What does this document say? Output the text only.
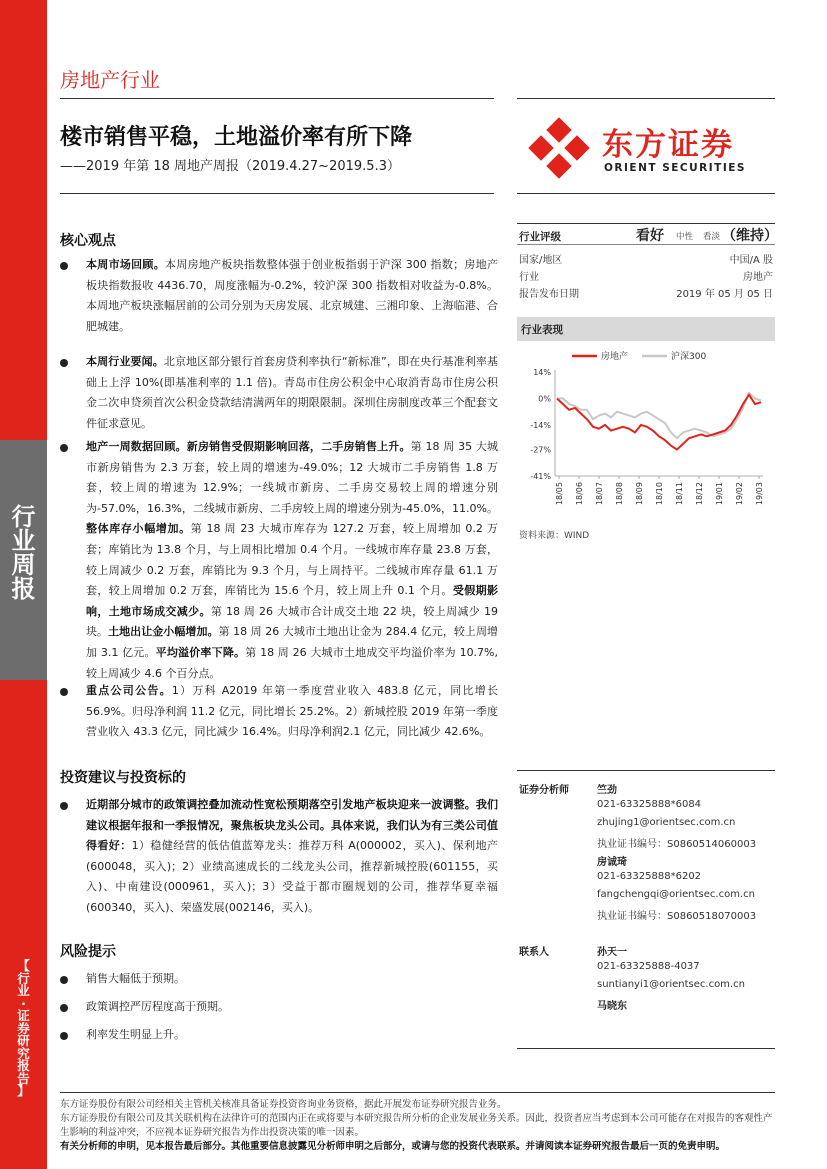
行
业
周
报
【
行
业
·
证
券
研
究
报
告
】
房地产行业
楼市销售平稳，土地溢价率有所下降
——2019 年第 18 周地产周报（2019.4.27~2019.5.3）
东方证券
ORIENT SECURITIES
核心观点
本周市场回顾。本周房地产板块指数整体强于创业板指弱于沪深 300 指数；房地产板块指数报收 4436.70，周度涨幅为-0.2%，较沪深 300 指数相对收益为-0.8%。本周地产板块涨幅居前的公司分别为天房发展、北京城建、三湘印象、上海临港、合肥城建。
本周行业要闻。北京地区部分银行首套房贷利率执行“新标准”，即在央行基准利率基础上上浮 10%(即基准利率的 1.1 倍)。青岛市住房公积金中心取消青岛市住房公积金二次申贷须首次公积金贷款结清满两年的期限限制。深圳住房制度改革三个配套文件征求意见。
地产一周数据回顾。新房销售受假期影响回落，二手房销售上升。第 18 周 35 大城市新房销售为 2.3 万套，较上周的增速为-49.0%；12 大城市二手房销售 1.8 万套，较上周的增速为 12.9%；一线城市新房、二手房交易较上周的增速分别为-57.0%，16.3%，二线城市新房、二手房较上周的增速分别为-45.0%，11.0%。整体库存小幅增加。第 18 周 23 大城市库存为 127.2 万套，较上周增加 0.2 万套；库销比为 13.8 个月，与上周相比增加 0.4 个月。一线城市库存量 23.8 万套，较上周减少 0.2 万套，库销比为 9.3 个月，与上周持平。二线城市库存量 61.1 万套，较上周增加 0.2 万套，库销比为 15.6 个月，较上周上升 0.1 个月。受假期影响，土地市场成交减少。第 18 周 26 大城市合计成交土地 22 块，较上周减少 19 块。土地出让金小幅增加。第 18 周 26 大城市土地出让金为 284.4 亿元，较上周增加 3.1 亿元。平均溢价率下降。第 18 周 26 大城市土地成交平均溢价率为 10.7%,较上周减少 4.6 个百分点。
重点公司公告。1）万科 A2019 年第一季度营业收入 483.8 亿元，同比增长 56.9%。归母净利润 11.2 亿元，同比增长 25.2%。2）新城控股 2019 年第一季度营业收入 43.3 亿元，同比减少 16.4%。归母净利润2.1 亿元，同比减少 42.6%。
投资建议与投资标的
近期部分城市的政策调控叠加流动性宽松预期落空引发地产板块迎来一波调整。我们建议根据年报和一季报情况，聚焦板块龙头公司。具体来说，我们认为有三类公司值得看好：1）稳健经营的低估值蓝筹龙头：推荐万科 A(000002，买入)、保利地产(600048，买入)；2）业绩高速成长的二线龙头公司，推荐新城控股(601155，买入)、中南建设(000961，买入)；3）受益于都市圈规划的公司，推荐华夏幸福(600340，买入)、荣盛发展(002146，买入)。
风险提示
销售大幅低于预期。
政策调控严厉程度高于预期。
利率发生明显上升。
行业评级	看好 中性 看淡 （维持）
国家/地区	中国/A 股
行业	房地产
报告发布日期	2019 年 05 月 05 日
行业表现
房地产	沪深300
14%
0%
-14%
-27%
-41%
18/05 18/06 18/07 18/08 18/09 18/10 18/11 18/12 19/01 19/02 19/03
资料来源：WIND
证券分析师	竺劲
021-63325888*6084
zhujing1@orientsec.com.cn
执业证书编号：S0860514060003
房诚琦
021-63325888*6202
fangchengqi@orientsec.com.cn
执业证书编号：S0860518070003
联系人	孙天一
021-63325888-4037
suntianyi1@orientsec.com.cn
马晓东
东方证券股份有限公司经相关主管机关核准具备证券投资咨询业务资格，据此开展发布证券研究报告业务。
东方证券股份有限公司及其关联机构在法律许可的范围内正在或将要与本研究报告所分析的企业发展业务关系。因此，投资者应当考虑到本公司可能存在对报告的客观性产生影响的利益冲突，不应视本证券研究报告为作出投资决策的唯一因素。
有关分析师的申明，见本报告最后部分。其他重要信息披露见分析师申明之后部分，或请与您的投资代表联系。并请阅读本证券研究报告最后一页的免责申明。
